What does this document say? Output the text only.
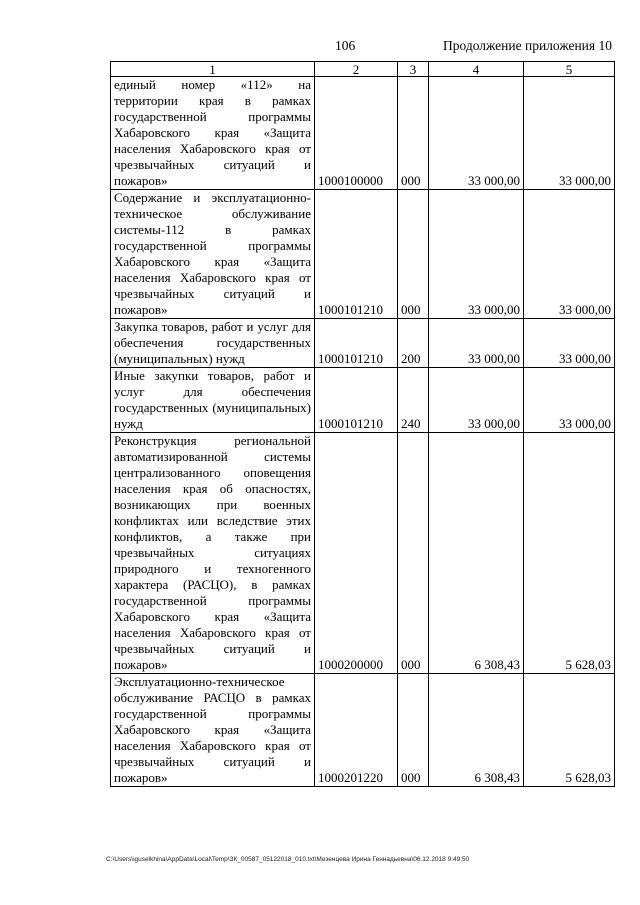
106	Продолжение приложения 10
1	2	3	4	5

единый номер «112» на территории края в рамках государственной программы Хабаровского края «Защита населения Хабаровского края от чрезвычайных ситуаций и пожаров»	1000100000	000	33 000,00	33 000,00

Содержание и эксплуатационно-техническое обслуживание системы-112 в рамках государственной программы Хабаровского края «Защита населения Хабаровского края от чрезвычайных ситуаций и пожаров»	1000101210	000	33 000,00	33 000,00

Закупка товаров, работ и услуг для обеспечения государственных (муниципальных) нужд	1000101210	200	33 000,00	33 000,00

Иные закупки товаров, работ и услуг для обеспечения государственных (муниципальных) нужд	1000101210	240	33 000,00	33 000,00

Реконструкция региональной автоматизированной системы централизованного оповещения населения края об опасностях, возникающих при военных конфликтах или вследствие этих конфликтов, а также при чрезвычайных ситуациях природного и техногенного характера (РАСЦО), в рамках государственной программы Хабаровского края «Защита населения Хабаровского края от чрезвычайных ситуаций и пожаров»	1000200000	000	6 308,43	5 628,03

Эксплуатационно-техническое обслуживание РАСЦО в рамках государственной программы Хабаровского края «Защита населения Хабаровского края от чрезвычайных ситуаций и пожаров»	1000201220	000	6 308,43	5 628,03
C:\Users\iguselkhina\AppData\Local\Temp\ЗК_00587_05122018_010.txt\Мезенцева Ирина Геннадьевна\06.12.2018 9:49:50
